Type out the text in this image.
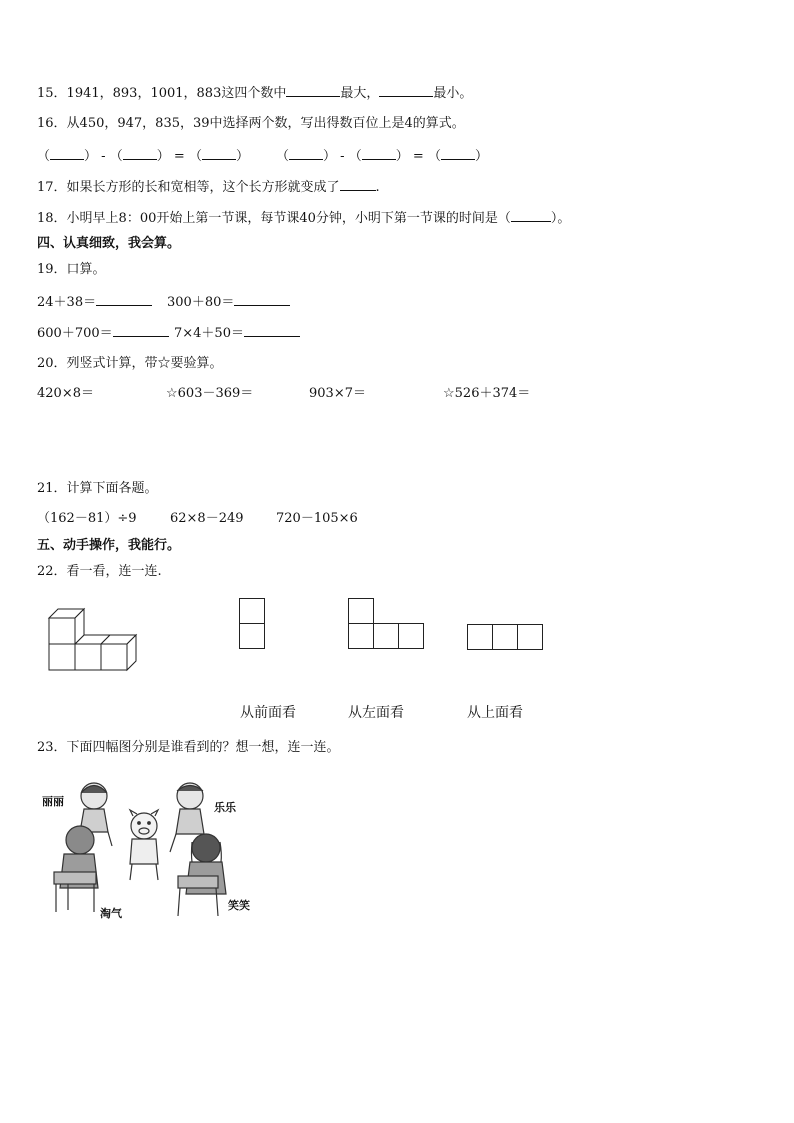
15．1941，893，1001，883这四个数中	最大，	最小。
16．从450，947，835，39中选择两个数，写出得数百位上是4的算式。
（	） - （	） = （	） （	） - （	） = （	）
17．如果长方形的长和宽相等，这个长方形就变成了	.
18．小明早上8：00开始上第一节课，每节课40分钟，小明下第一节课的时间是（	）。
四、认真细致，我会算。
19．口算。
24＋38＝	300＋80＝
600＋700＝	7×4＋50＝
20．列竖式计算，带☆要验算。
420×8＝	☆603－369＝	903×7＝	☆526＋374＝
21．计算下面各题。
（162－81）÷9	62×8－249 720－105×6
五、动手操作，我能行。
22．看一看，连一连.
从前面看	从左面看	从上面看
23．下面四幅图分别是谁看到的？想一想，连一连。
丽丽	乐乐
淘气
笑笑
